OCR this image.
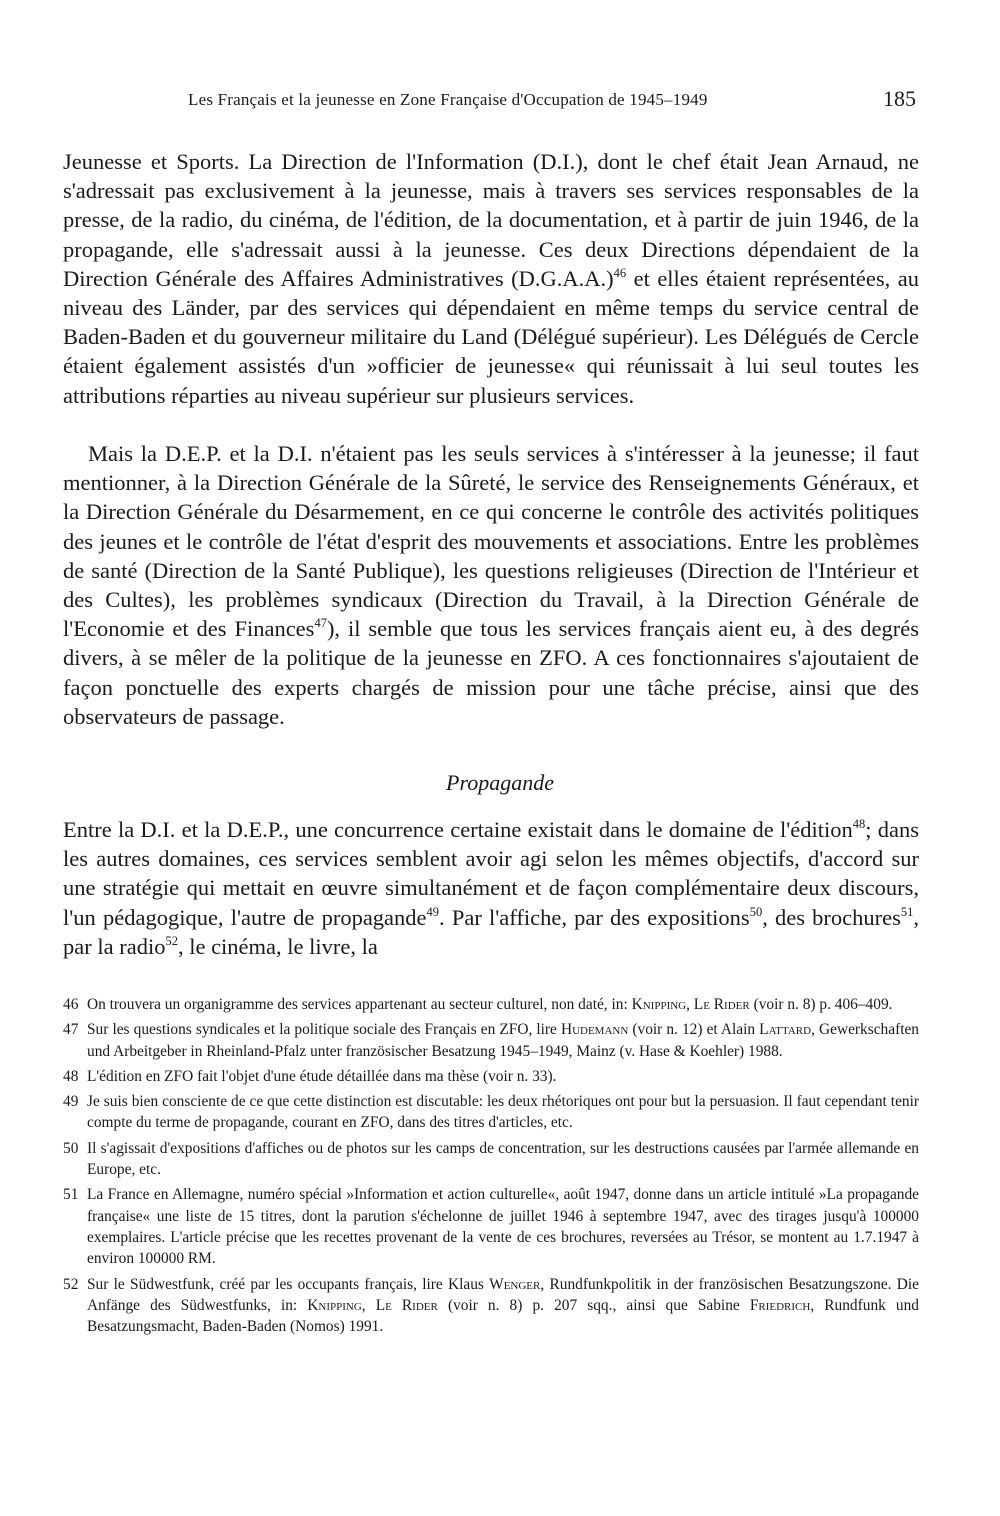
Les Français et la jeunesse en Zone Française d'Occupation de 1945–1949	185

Jeunesse et Sports. La Direction de l'Information (D.I.), dont le chef était Jean Arnaud, ne s'adressait pas exclusivement à la jeunesse, mais à travers ses services responsables de la presse, de la radio, du cinéma, de l'édition, de la documentation, et à partir de juin 1946, de la propagande, elle s'adressait aussi à la jeunesse. Ces deux Directions dépendaient de la Direction Générale des Affaires Administratives (D.G.A.A.)$^{46}$ et elles étaient représentées, au niveau des Länder, par des services qui dépendaient en même temps du service central de Baden-Baden et du gouverneur militaire du Land (Délégué supérieur). Les Délégués de Cercle étaient également assistés d'un »officier de jeunesse« qui réunissait à lui seul toutes les attributions réparties au niveau supérieur sur plusieurs services.

Mais la D.E.P. et la D.I. n'étaient pas les seuls services à s'intéresser à la jeunesse; il faut mentionner, à la Direction Générale de la Sûreté, le service des Renseignements Généraux, et la Direction Générale du Désarmement, en ce qui concerne le contrôle des activités politiques des jeunes et le contrôle de l'état d'esprit des mouvements et associations. Entre les problèmes de santé (Direction de la Santé Publique), les questions religieuses (Direction de l'Intérieur et des Cultes), les problèmes syndicaux (Direction du Travail, à la Direction Générale de l'Economie et des Finances$^{47}$), il semble que tous les services français aient eu, à des degrés divers, à se mêler de la politique de la jeunesse en ZFO. A ces fonctionnaires s'ajoutaient de façon ponctuelle des experts chargés de mission pour une tâche précise, ainsi que des observateurs de passage.

Propagande

Entre la D.I. et la D.E.P., une concurrence certaine existait dans le domaine de l'édition$^{48}$; dans les autres domaines, ces services semblent avoir agi selon les mêmes objectifs, d'accord sur une stratégie qui mettait en œuvre simultanément et de façon complémentaire deux discours, l'un pédagogique, l'autre de propagande$^{49}$. Par l'affiche, par des expositions$^{50}$, des brochures$^{51}$, par la radio$^{52}$, le cinéma, le livre, la

46 On trouvera un organigramme des services appartenant au secteur culturel, non daté, in: Knipping, Le Rider (voir n. 8) p. 406–409.
47 Sur les questions syndicales et la politique sociale des Français en ZFO, lire Hudemann (voir n. 12) et Alain Lattard, Gewerkschaften und Arbeitgeber in Rheinland-Pfalz unter französischer Besatzung 1945–1949, Mainz (v. Hase & Koehler) 1988.
48 L'édition en ZFO fait l'objet d'une étude détaillée dans ma thèse (voir n. 33).
49 Je suis bien consciente de ce que cette distinction est discutable: les deux rhétoriques ont pour but la persuasion. Il faut cependant tenir compte du terme de propagande, courant en ZFO, dans des titres d'articles, etc.
50 Il s'agissait d'expositions d'affiches ou de photos sur les camps de concentration, sur les destructions causées par l'armée allemande en Europe, etc.
51 La France en Allemagne, numéro spécial »Information et action culturelle«, août 1947, donne dans un article intitulé »La propagande française« une liste de 15 titres, dont la parution s'échelonne de juillet 1946 à septembre 1947, avec des tirages jusqu'à 100000 exemplaires. L'article précise que les recettes provenant de la vente de ces brochures, reversées au Trésor, se montent au 1.7.1947 à environ 100000 RM.
52 Sur le Südwestfunk, créé par les occupants français, lire Klaus Wenger, Rundfunkpolitik in der französischen Besatzungszone. Die Anfänge des Südwestfunks, in: Knipping, Le Rider (voir n. 8) p. 207 sqq., ainsi que Sabine Friedrich, Rundfunk und Besatzungsmacht, Baden-Baden (Nomos) 1991.
